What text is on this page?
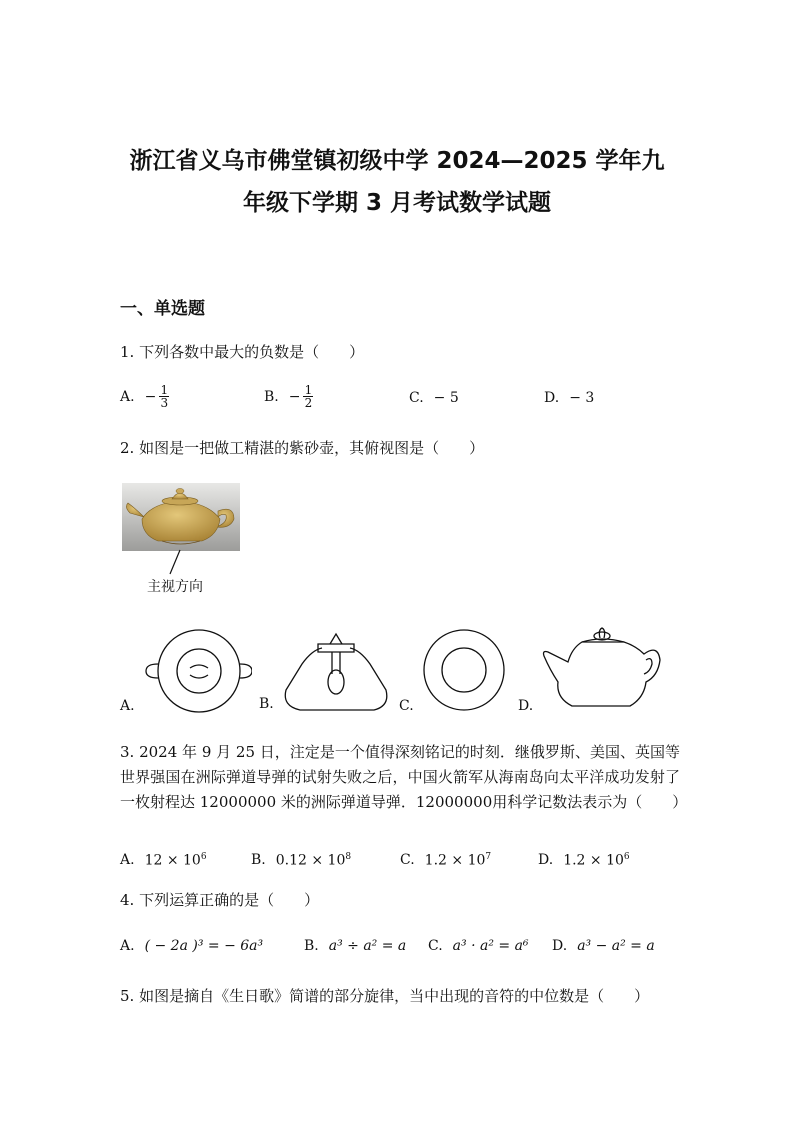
浙江省义乌市佛堂镇初级中学 2024—2025 学年九
年级下学期 3 月考试数学试题
一、单选题
1. 下列各数中最大的负数是（　　）
A. − $\frac{1}{3}$	B. − $\frac{1}{2}$	C. − 5	D. − 3
2. 如图是一把做工精湛的紫砂壶，其俯视图是（　　）
主视方向
A.	B.	C.	D.
3. 2024 年 9 月 25 日，注定是一个值得深刻铭记的时刻．继俄罗斯、美国、英国等世界强国在洲际弹道导弹的试射失败之后，中国火箭军从海南岛向太平洋成功发射了一枚射程达 12000000 米的洲际弹道导弹．12000000用科学记数法表示为（　　）
A. $12 \times 10^6$	B. $0.12 \times 10^8$	C. $1.2 \times 10^7$	D. $1.2 \times 10^6$
4. 下列运算正确的是（　　）
A. ( − 2a )³ = − 6a³	B. a³ ÷ a² = a C. a³ · a² = a⁶ D. a³ − a² = a
5. 如图是摘自《生日歌》简谱的部分旋律，当中出现的音符的中位数是（　　）
